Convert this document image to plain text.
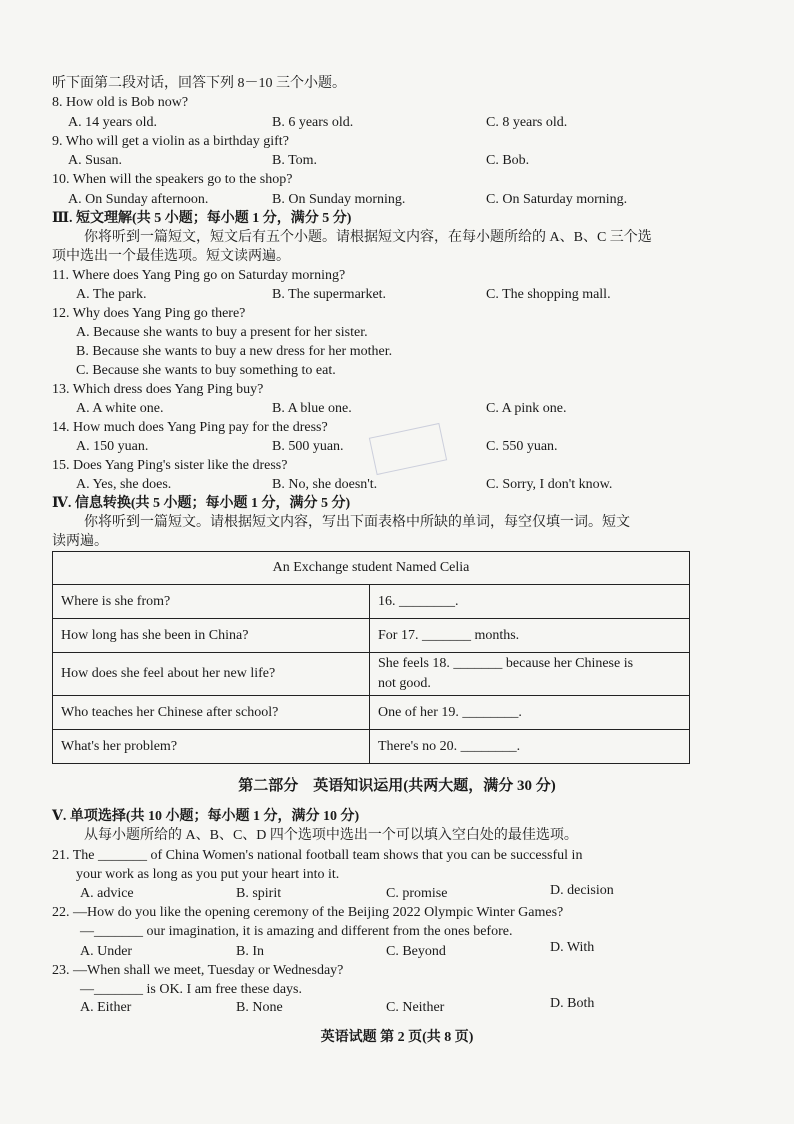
听下面第二段对话，回答下列 8－10 三个小题。
8. How old is Bob now?
A. 14 years old.	B. 6 years old.	C. 8 years old.
9. Who will get a violin as a birthday gift?
A. Susan.	B. Tom.	C. Bob.
10. When will the speakers go to the shop?
A. On Sunday afternoon.	B. On Sunday morning.	C. On Saturday morning.
Ⅲ. 短文理解(共 5 小题；每小题 1 分，满分 5 分)
你将听到一篇短文，短文后有五个小题。请根据短文内容，在每小题所给的 A、B、C 三个选
项中选出一个最佳选项。短文读两遍。
11. Where does Yang Ping go on Saturday morning?
A. The park.	B. The supermarket.	C. The shopping mall.
12. Why does Yang Ping go there?
A. Because she wants to buy a present for her sister.
B. Because she wants to buy a new dress for her mother.
C. Because she wants to buy something to eat.
13. Which dress does Yang Ping buy?
A. A white one.	B. A blue one.	C. A pink one.
14. How much does Yang Ping pay for the dress?
A. 150 yuan.	B. 500 yuan.	C. 550 yuan.
15. Does Yang Ping's sister like the dress?
A. Yes, she does.	B. No, she doesn't.	C. Sorry, I don't know.
Ⅳ. 信息转换(共 5 小题；每小题 1 分，满分 5 分)
你将听到一篇短文。请根据短文内容，写出下面表格中所缺的单词，每空仅填一词。短文
读两遍。
An Exchange student Named Celia	
Where is she from?	16. ________.
How long has she been in China?	For 17. _______ months.
How does she feel about her new life?	She feels 18. _______ because her Chinese is
not good.

Who teaches her Chinese after school?	One of her 19. ________.
What's her problem?	There's no 20. ________.
第二部分　英语知识运用(共两大题，满分 30 分)
Ⅴ. 单项选择(共 10 小题；每小题 1 分，满分 10 分)
从每小题所给的 A、B、C、D 四个选项中选出一个可以填入空白处的最佳选项。
21. The _______ of China Women's national football team shows that you can be successful in
your work as long as you put your heart into it.
A. advice	B. spirit	C. promise	D. decision
22. —How do you like the opening ceremony of the Beijing 2022 Olympic Winter Games?
—_______ our imagination, it is amazing and different from the ones before.
A. Under	B. In	C. Beyond	D. With
23. —When shall we meet, Tuesday or Wednesday?
—_______ is OK. I am free these days.
A. Either	B. None	C. Neither	D. Both
英语试题 第 2 页(共 8 页)
